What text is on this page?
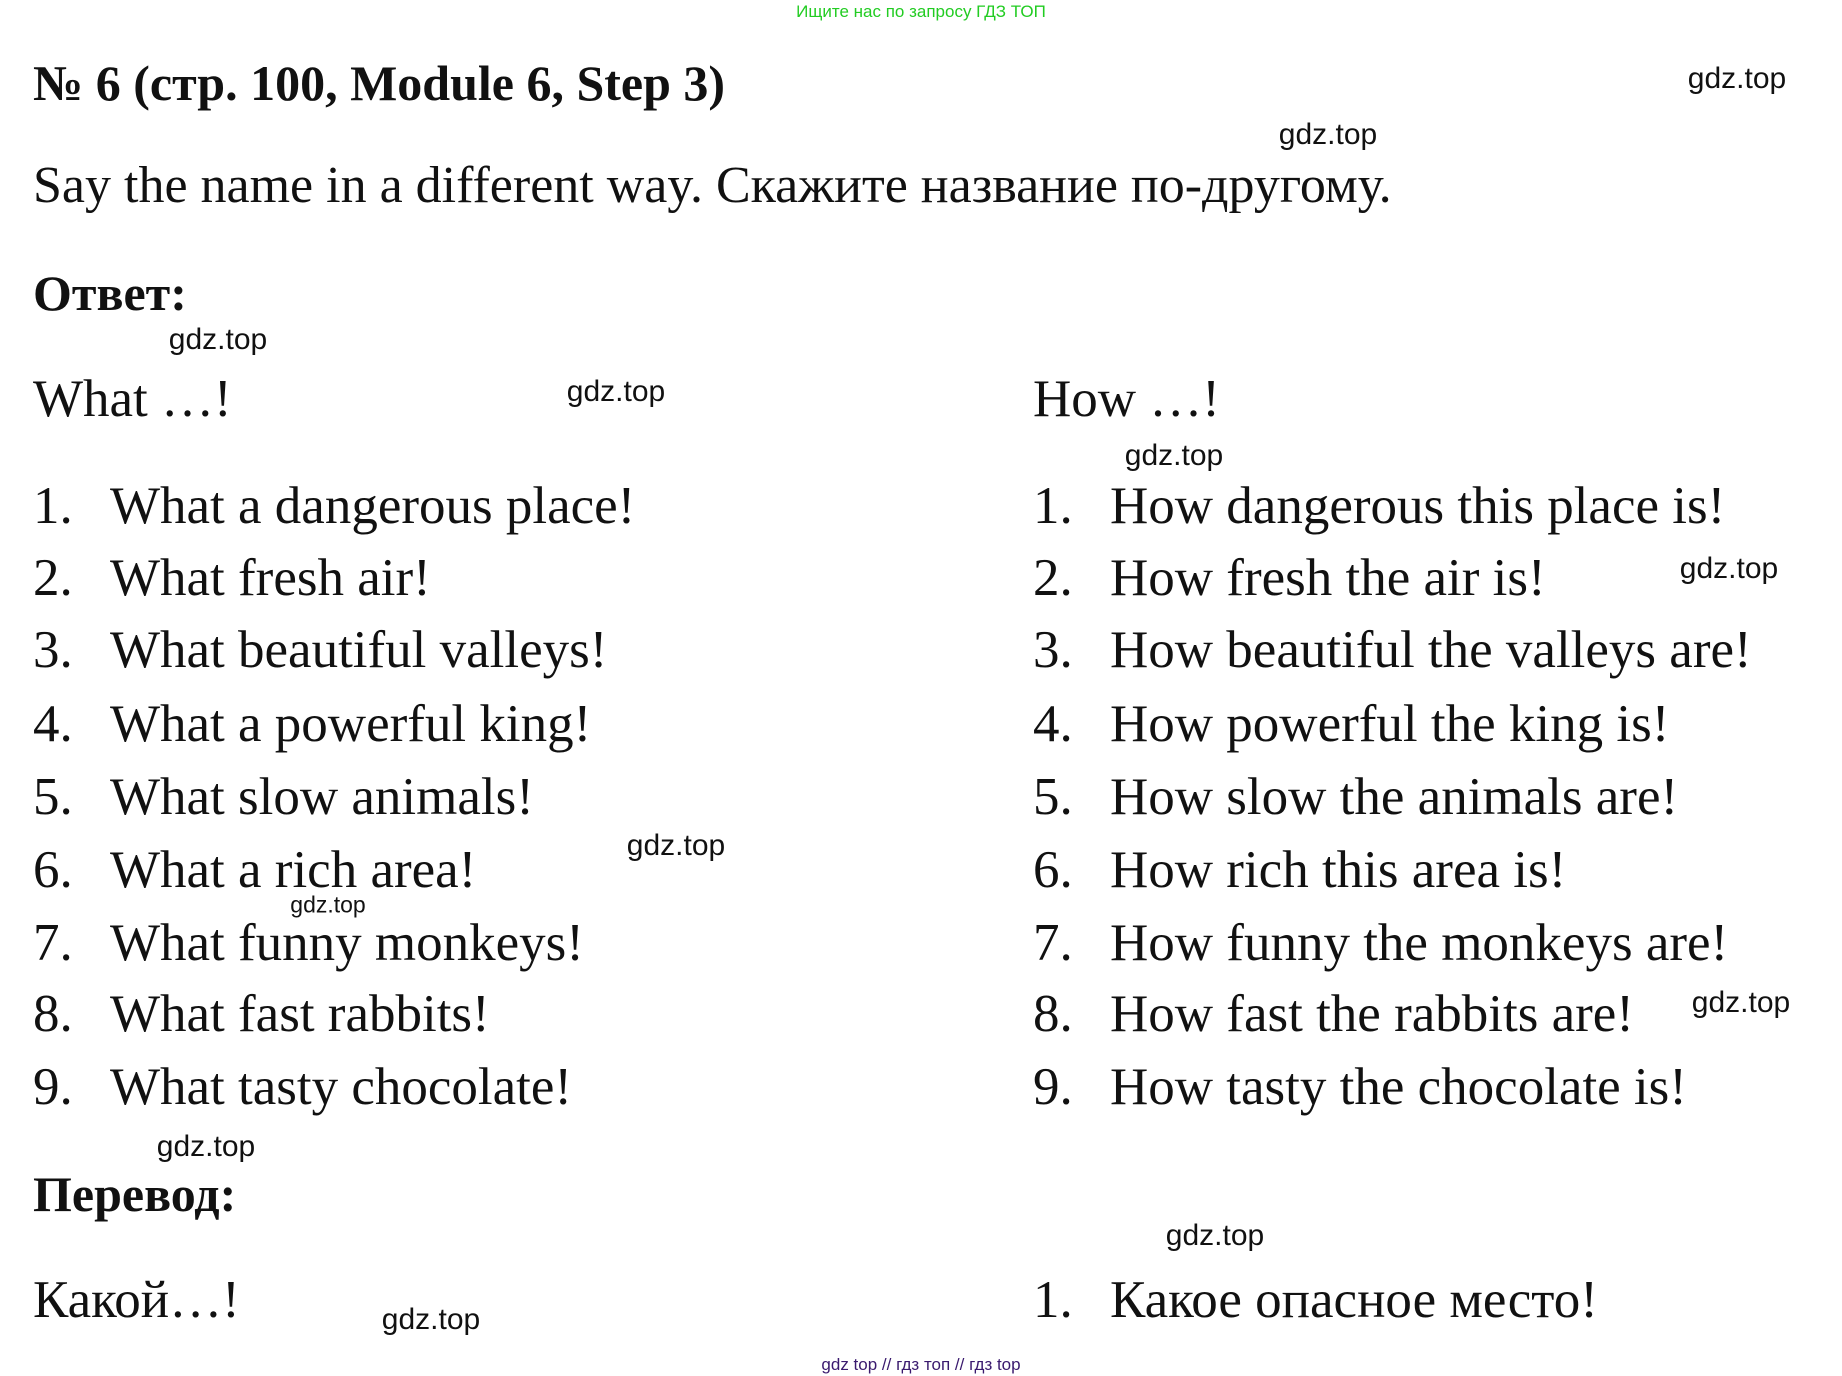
Ищите нас по запросу ГДЗ ТОП
№ 6 (стр. 100, Module 6, Step 3)
Say the name in a different way. Скажите название по-другому.
Ответ:
What …!	How …!
1. What a dangerous place!
2. What fresh air!
3. What beautiful valleys!
4. What a powerful king!
5. What slow animals!
6. What a rich area!
7. What funny monkeys!
8. What fast rabbits!
9. What tasty chocolate!
1. How dangerous this place is!
2. How fresh the air is!
3. How beautiful the valleys are!
4. How powerful the king is!
5. How slow the animals are!
6. How rich this area is!
7. How funny the monkeys are!
8. How fast the rabbits are!
9. How tasty the chocolate is!
Перевод:
Какой…!	1. Какое опасное место!
gdz.top
gdz.top
gdz.top
gdz.top
gdz.top
gdz.top
gdz.top
gdz.top
gdz.top
gdz.top
gdz.top
gdz.top
gdz top // гдз топ // гдз top
